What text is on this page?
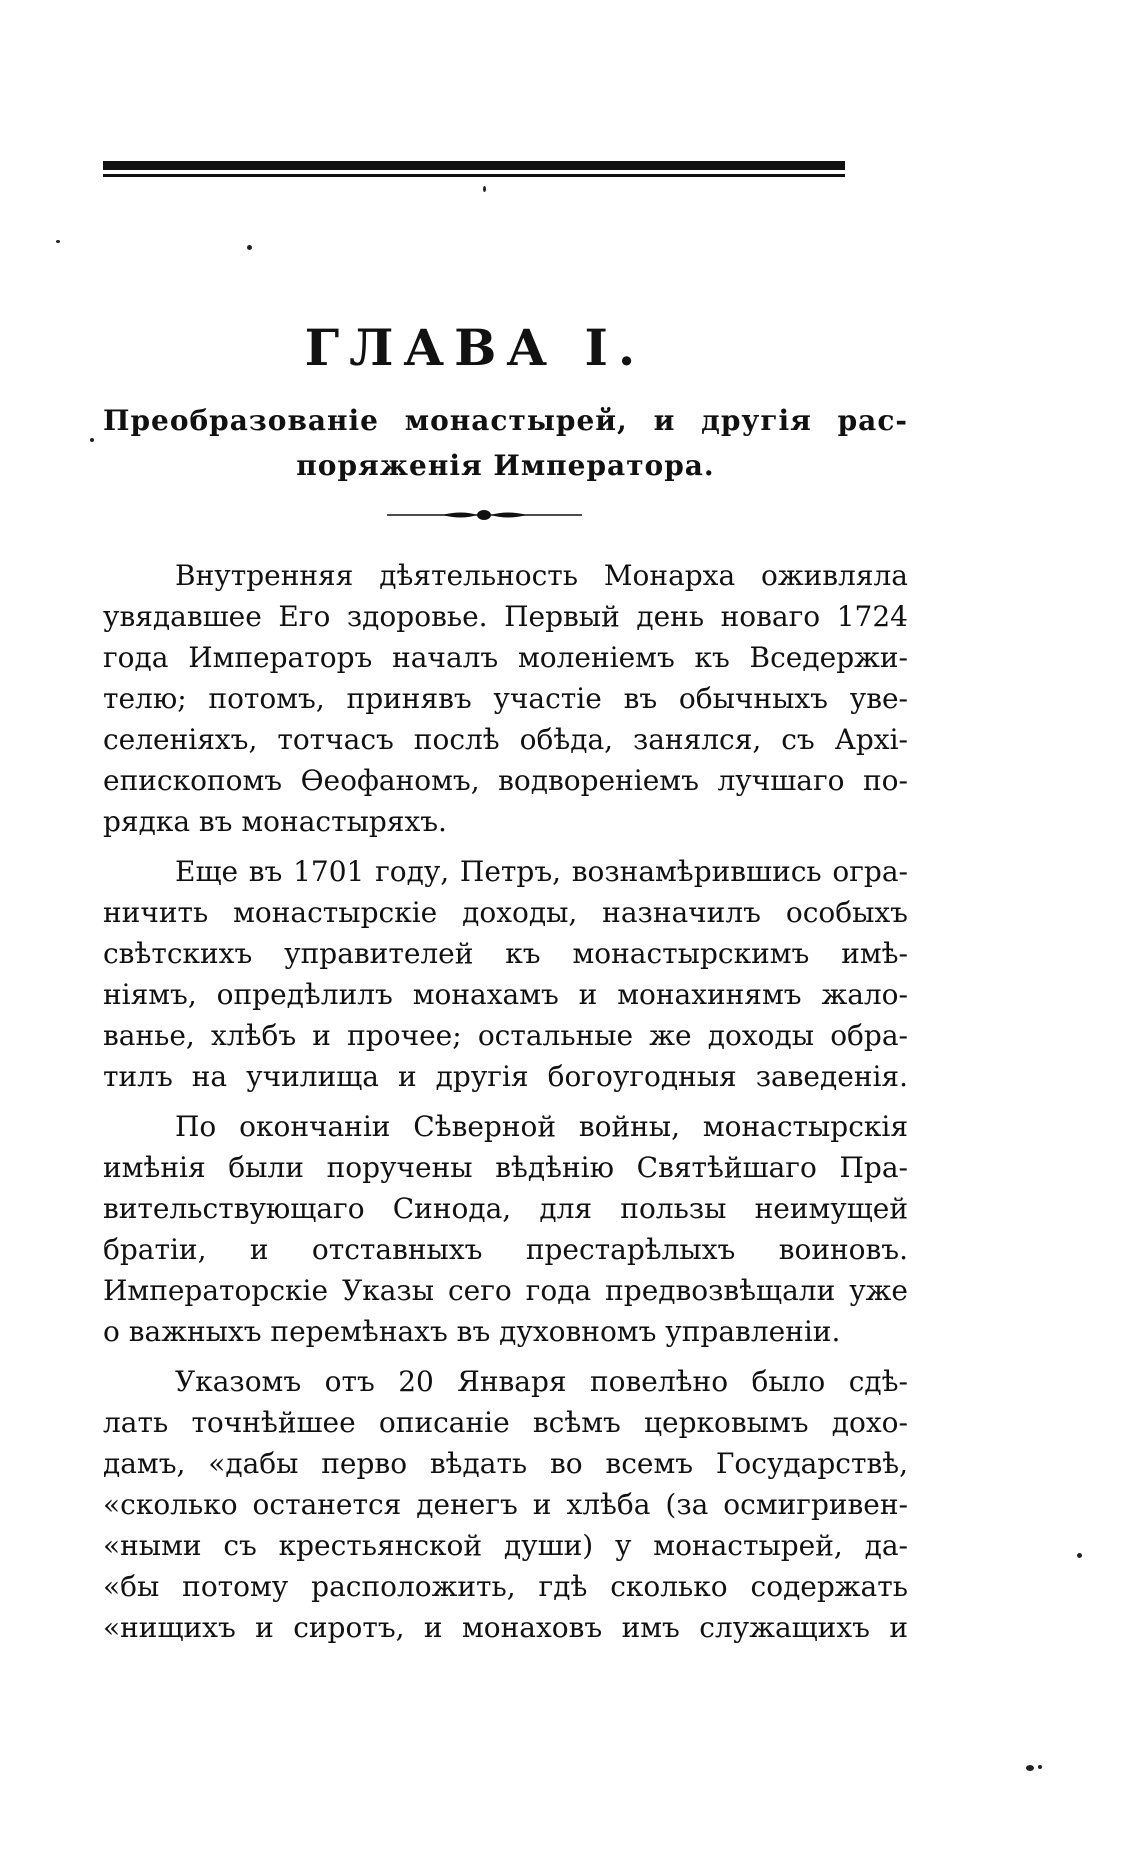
ГЛАВА I.
Преобразованіе монастырей, и другія рас-
поряженія Императора.

Внутренняя дѣятельность Монарха оживляла
увядавшее Его здоровье. Первый день новаго 1724
года Императоръ началъ моленіемъ къ Вседержи-
телю; потомъ, принявъ участіе въ обычныхъ уве-
селеніяхъ, тотчасъ послѣ обѣда, занялся, съ Архі-
епископомъ Ѳеофаномъ, водвореніемъ лучшаго по-
рядка въ монастыряхъ.

Еще въ 1701 году, Петръ, вознамѣрившись огра-
ничить монастырскіе доходы, назначилъ особыхъ
свѣтскихъ управителей къ монастырскимъ имѣ-
ніямъ, опредѣлилъ монахамъ и монахинямъ жало-
ванье, хлѣбъ и прочее; остальные же доходы обра-
тилъ на училища и другія богоугодныя заведенія.

По окончаніи Сѣверной войны, монастырскія
имѣнія были поручены вѣдѣнію Святѣйшаго Пра-
вительствующаго Синода, для пользы неимущей
братіи, и отставныхъ престарѣлыхъ воиновъ.
Императорскіе Указы сего года предвозвѣщали уже
о важныхъ перемѣнахъ въ духовномъ управленіи.

Указомъ отъ 20 Января повелѣно было сдѣ-
лать точнѣйшее описаніе всѣмъ церковымъ дохо-
дамъ, «дабы перво вѣдать во всемъ Государствѣ,
«сколько останется денегъ и хлѣба (за осмигривен-
«ными съ крестьянской души) у монастырей, да-
«бы потому расположить, гдѣ сколько содержать
«нищихъ и сиротъ, и монаховъ имъ служащихъ и
